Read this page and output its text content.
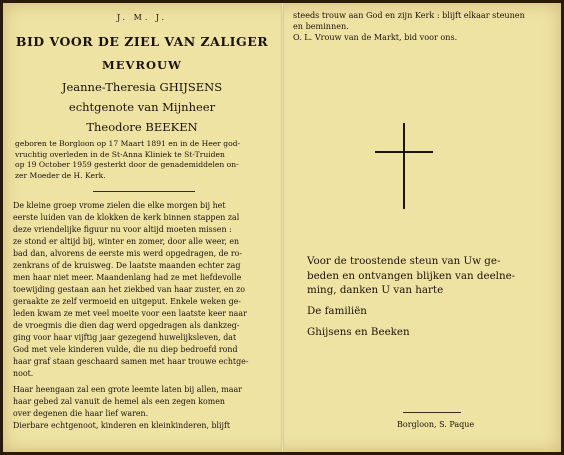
J. M. J.
BID VOOR DE ZIEL VAN ZALIGER
MEVROUW
Jeanne-Theresia GHIJSENS
echtgenote van Mijnheer
Theodore BEEKEN
geboren te Borgloon op 17 Maart 1891 en in de Heer god-
vruchtig overleden in de St-Anna Kliniek te St-Truiden
op 19 October 1959 gesterkt door de genademiddelen on-
zer Moeder de H. Kerk.
De kleine groep vrome zielen die elke morgen bij het
eerste luiden van de klokken de kerk binnen stappen zal
deze vriendelijke figuur nu voor altijd moeten missen :
ze stond er altijd bij, winter en zomer, door alle weer, en
bad dan, alvorens de eerste mis werd opgedragen, de ro-
zenkrans of de kruisweg. De laatste maanden echter zag
men haar niet meer. Maandenlang had ze met liefdevolle
toewijding gestaan aan het ziekbed van haar zuster, en zo
geraakte ze zelf vermoeid en uitgeput. Enkele weken ge-
leden kwam ze met veel moeite voor een laatste keer naar
de vroegmis die dien dag werd opgedragen als dankzeg-
ging voor haar vijftig jaar gezegend huwelijksleven, dat
God met vele kinderen vulde, die nu diep bedroefd rond
haar graf staan geschaard samen met haar trouwe echtge-
noot.
Haar heengaan zal een grote leemte laten bij allen, maar
haar gebed zal vanuit de hemel als een zegen komen
over degenen die haar lief waren.
Dierbare echtgenoot, kinderen en kleinkinderen, blijft
steeds trouw aan God en zijn Kerk : blijft elkaar steunen
en beminnen.
O. L. Vrouw van de Markt, bid voor ons.
Voor de troostende steun van Uw ge-
beden en ontvangen blijken van deelne-
ming, danken U van harte
De familiën
Ghijsens en Beeken
Borgloon, S. Paque
